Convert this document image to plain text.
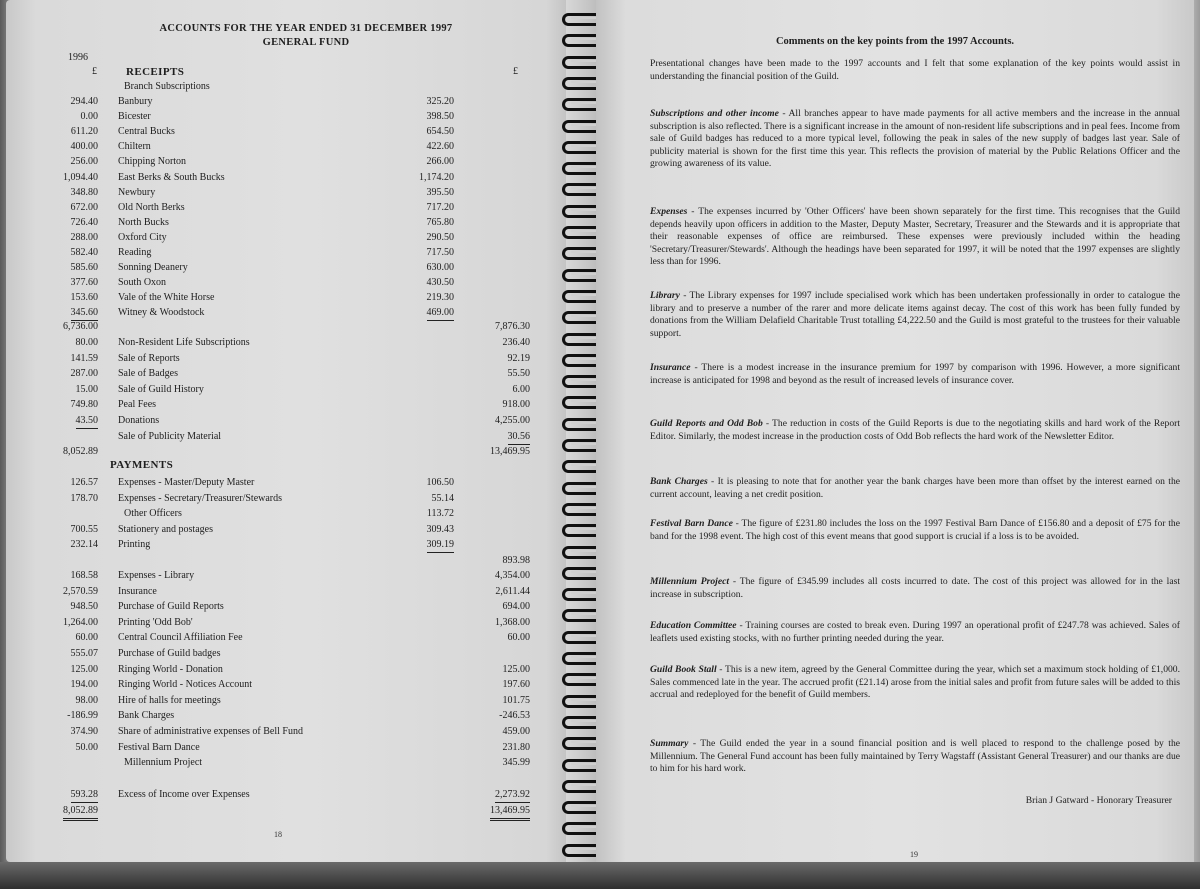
ACCOUNTS FOR THE YEAR ENDED 31 DECEMBER 1997
GENERAL FUND
1996
£	£
RECEIPTS
Branch Subscriptions
294.40 Banbury	325.20
0.00 Bicester	398.50
611.20 Central Bucks	654.50
400.00 Chiltern	422.60
256.00 Chipping Norton	266.00
1,094.40 East Berks & South Bucks	1,174.20
348.80 Newbury	395.50
672.00 Old North Berks	717.20
726.40 North Bucks	765.80
288.00 Oxford City	290.50
582.40 Reading	717.50
585.60 Sonning Deanery	630.00
377.60 South Oxon	430.50
153.60 Vale of the White Horse	219.30
345.60 Witney & Woodstock	469.00
6,736.00	7,876.30
80.00 Non-Resident Life Subscriptions	236.40
141.59 Sale of Reports	92.19
287.00 Sale of Badges	55.50
15.00 Sale of Guild History	6.00
749.80 Peal Fees	918.00
43.50 Donations	4,255.00
Sale of Publicity Material	30.56
8,052.89	13,469.95
PAYMENTS
126.57 Expenses - Master/Deputy Master	106.50
178.70 Expenses - Secretary/Treasurer/Stewards	55.14
Other Officers	113.72
700.55 Stationery and postages	309.43
232.14 Printing	309.19
893.98
168.58 Expenses - Library	4,354.00
2,570.59 Insurance	2,611.44
948.50 Purchase of Guild Reports	694.00
1,264.00 Printing 'Odd Bob'	1,368.00
60.00 Central Council Affiliation Fee	60.00
555.07 Purchase of Guild badges
125.00 Ringing World - Donation	125.00
194.00 Ringing World - Notices Account	197.60
98.00 Hire of halls for meetings	101.75
-186.99 Bank Charges	-246.53
374.90 Share of administrative expenses of Bell Fund	459.00
50.00 Festival Barn Dance	231.80
Millennium Project	345.99
593.28 Excess of Income over Expenses	2,273.92
8,052.89	13,469.95
18
Comments on the key points from the 1997 Accounts.
Presentational changes have been made to the 1997 accounts and I felt that some explanation of the key points would assist in understanding the financial position of the Guild.
Subscriptions and other income - All branches appear to have made payments for all active members and the increase in the annual subscription is also reflected. There is a significant increase in the amount of non-resident life subscriptions and in peal fees. Income from sale of Guild badges has reduced to a more typical level, following the peak in sales of the new supply of badges last year. Sale of publicity material is shown for the first time this year. This reflects the provision of material by the Public Relations Officer and the growing awareness of its value.
Expenses - The expenses incurred by 'Other Officers' have been shown separately for the first time. This recognises that the Guild depends heavily upon officers in addition to the Master, Deputy Master, Secretary, Treasurer and the Stewards and it is appropriate that their reasonable expenses of office are reimbursed. These expenses were previously included within the heading 'Secretary/Treasurer/Stewards'. Although the headings have been separated for 1997, it will be noted that the 1997 expenses are slightly less than for 1996.
Library - The Library expenses for 1997 include specialised work which has been undertaken professionally in order to catalogue the library and to preserve a number of the rarer and more delicate items against decay. The cost of this work has been fully funded by donations from the William Delafield Charitable Trust totalling £4,222.50 and the Guild is most grateful to the trustees for their valuable support.
Insurance - There is a modest increase in the insurance premium for 1997 by comparison with 1996. However, a more significant increase is anticipated for 1998 and beyond as the result of increased levels of insurance cover.
Guild Reports and Odd Bob - The reduction in costs of the Guild Reports is due to the negotiating skills and hard work of the Report Editor. Similarly, the modest increase in the production costs of Odd Bob reflects the hard work of the Newsletter Editor.
Bank Charges - It is pleasing to note that for another year the bank charges have been more than offset by the interest earned on the current account, leaving a net credit position.
Festival Barn Dance - The figure of £231.80 includes the loss on the 1997 Festival Barn Dance of £156.80 and a deposit of £75 for the band for the 1998 event. The high cost of this event means that good support is crucial if a loss is to be avoided.
Millennium Project - The figure of £345.99 includes all costs incurred to date. The cost of this project was allowed for in the last increase in subscription.
Education Committee - Training courses are costed to break even. During 1997 an operational profit of £247.78 was achieved. Sales of leaflets used existing stocks, with no further printing needed during the year.
Guild Book Stall - This is a new item, agreed by the General Committee during the year, which set a maximum stock holding of £1,000. Sales commenced late in the year. The accrued profit (£21.14) arose from the initial sales and profit from future sales will be added to this accrual and redeployed for the benefit of Guild members.
Summary - The Guild ended the year in a sound financial position and is well placed to respond to the challenge posed by the Millennium. The General Fund account has been fully maintained by Terry Wagstaff (Assistant General Treasurer) and our thanks are due to him for his hard work.
Brian J Gatward - Honorary Treasurer
19
